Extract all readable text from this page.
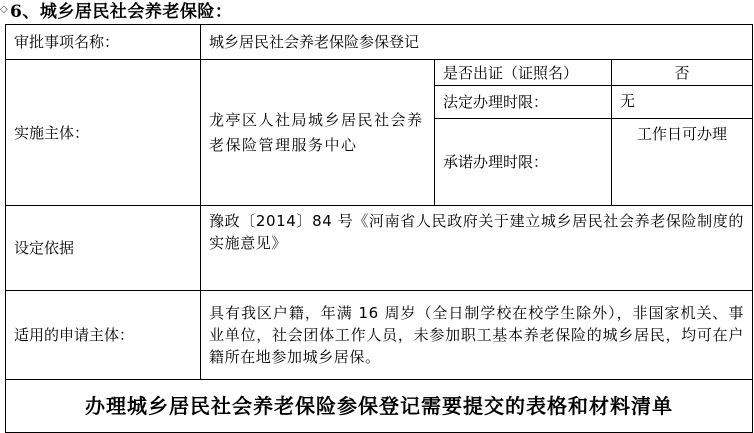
◇ 6、城乡居民社会养老保险：
审批事项名称：	城乡居民社会养老保险参保登记		
实施主体：	龙亭区人社局城乡居民社会养老保险管理服务中心	是否出证（证照名）	否
		法定办理时限：	无
		承诺办理时限：	工作日可办理
设定依据	豫政〔2014〕84 号《河南省人民政府关于建立城乡居民社会养老保险制度的实施意见》		
适用的申请主体：	具有我区户籍，年满 16 周岁（全日制学校在校学生除外），非国家机关、事业单位，社会团体工作人员，未参加职工基本养老保险的城乡居民，均可在户籍所在地参加城乡居保。		
办理城乡居民社会养老保险参保登记需要提交的表格和材料清单			
